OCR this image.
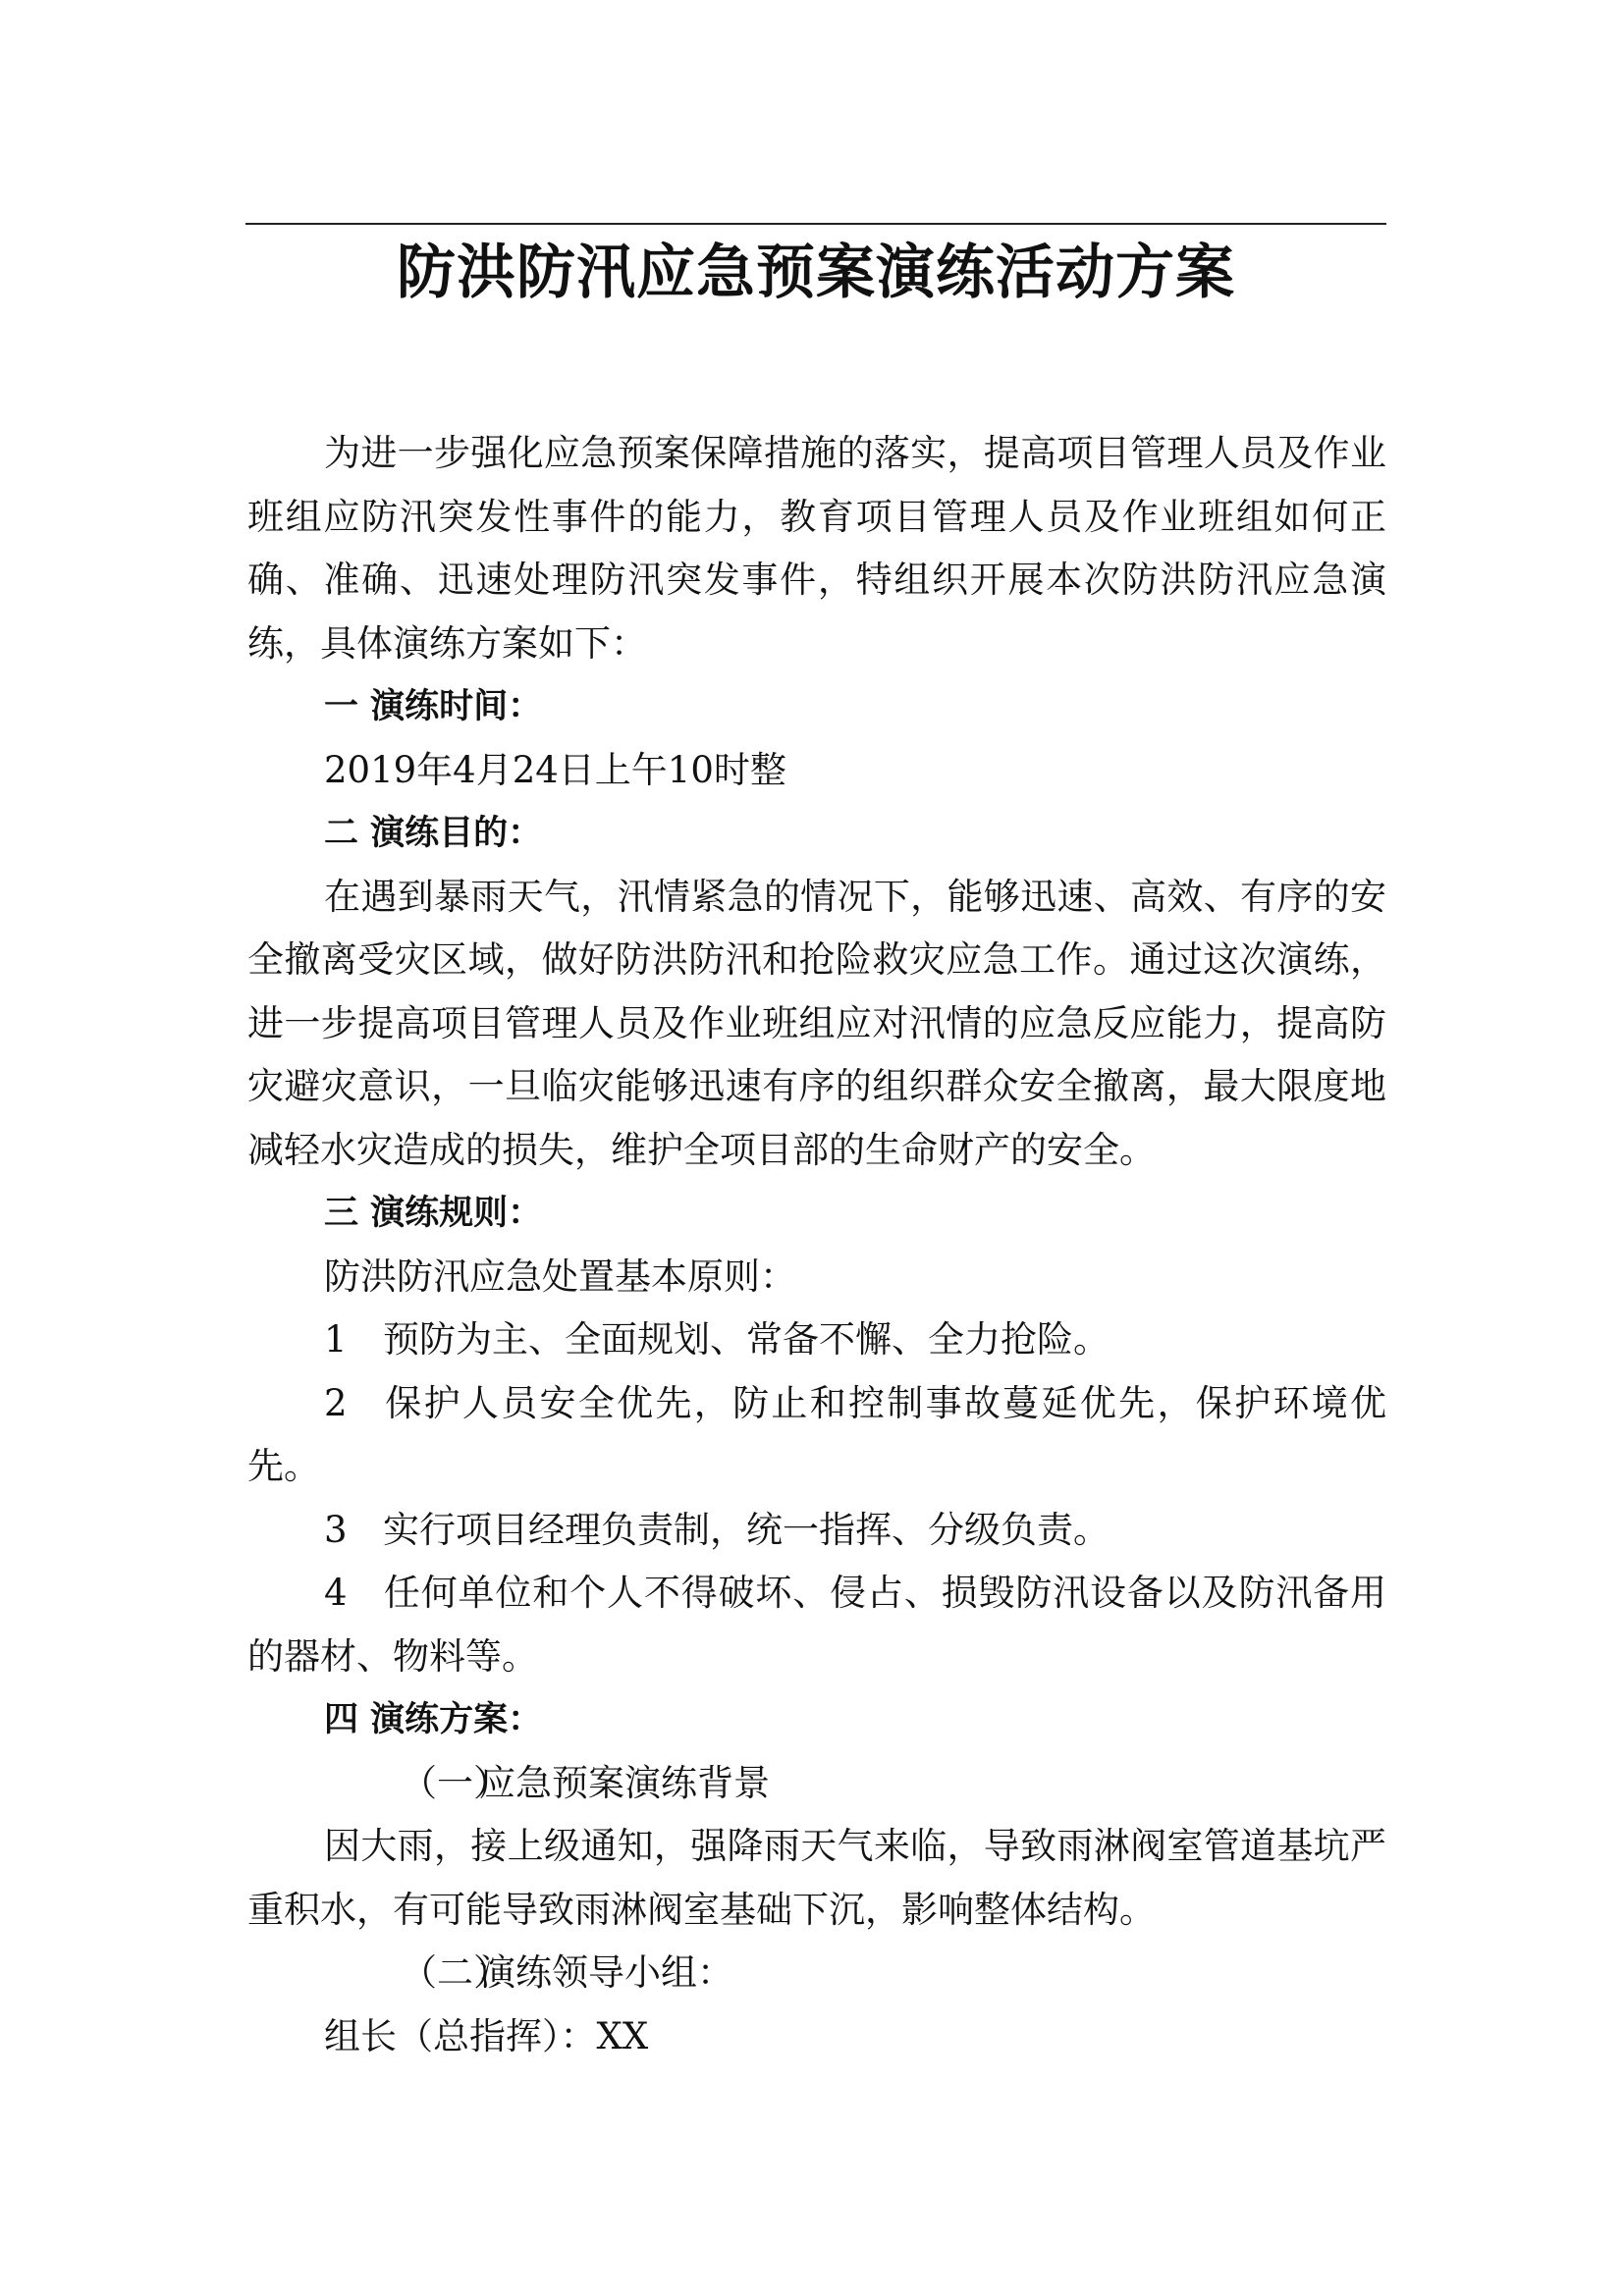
防洪防汛应急预案演练活动方案

为进一步强化应急预案保障措施的落实，提高项目管理人员及作业班组应防汛突发性事件的能力，教育项目管理人员及作业班组如何正确、准确、迅速处理防汛突发事件，特组织开展本次防洪防汛应急演练，具体演练方案如下：

一 演练时间：

2019年4月24日上午10时整

二 演练目的：

在遇到暴雨天气，汛情紧急的情况下，能够迅速、高效、有序的安全撤离受灾区域，做好防洪防汛和抢险救灾应急工作。通过这次演练，进一步提高项目管理人员及作业班组应对汛情的应急反应能力，提高防灾避灾意识，一旦临灾能够迅速有序的组织群众安全撤离，最大限度地减轻水灾造成的损失，维护全项目部的生命财产的安全。

三 演练规则：

防洪防汛应急处置基本原则：

1 预防为主、全面规划、常备不懈、全力抢险。

2 保护人员安全优先，防止和控制事故蔓延优先，保护环境优先。

3 实行项目经理负责制，统一指挥、分级负责。

4 任何单位和个人不得破坏、侵占、损毁防汛设备以及防汛备用的器材、物料等。

四 演练方案：

（一）应急预案演练背景

因大雨，接上级通知，强降雨天气来临，导致雨淋阀室管道基坑严重积水，有可能导致雨淋阀室基础下沉，影响整体结构。

（二）演练领导小组：

组长（总指挥）：XX
